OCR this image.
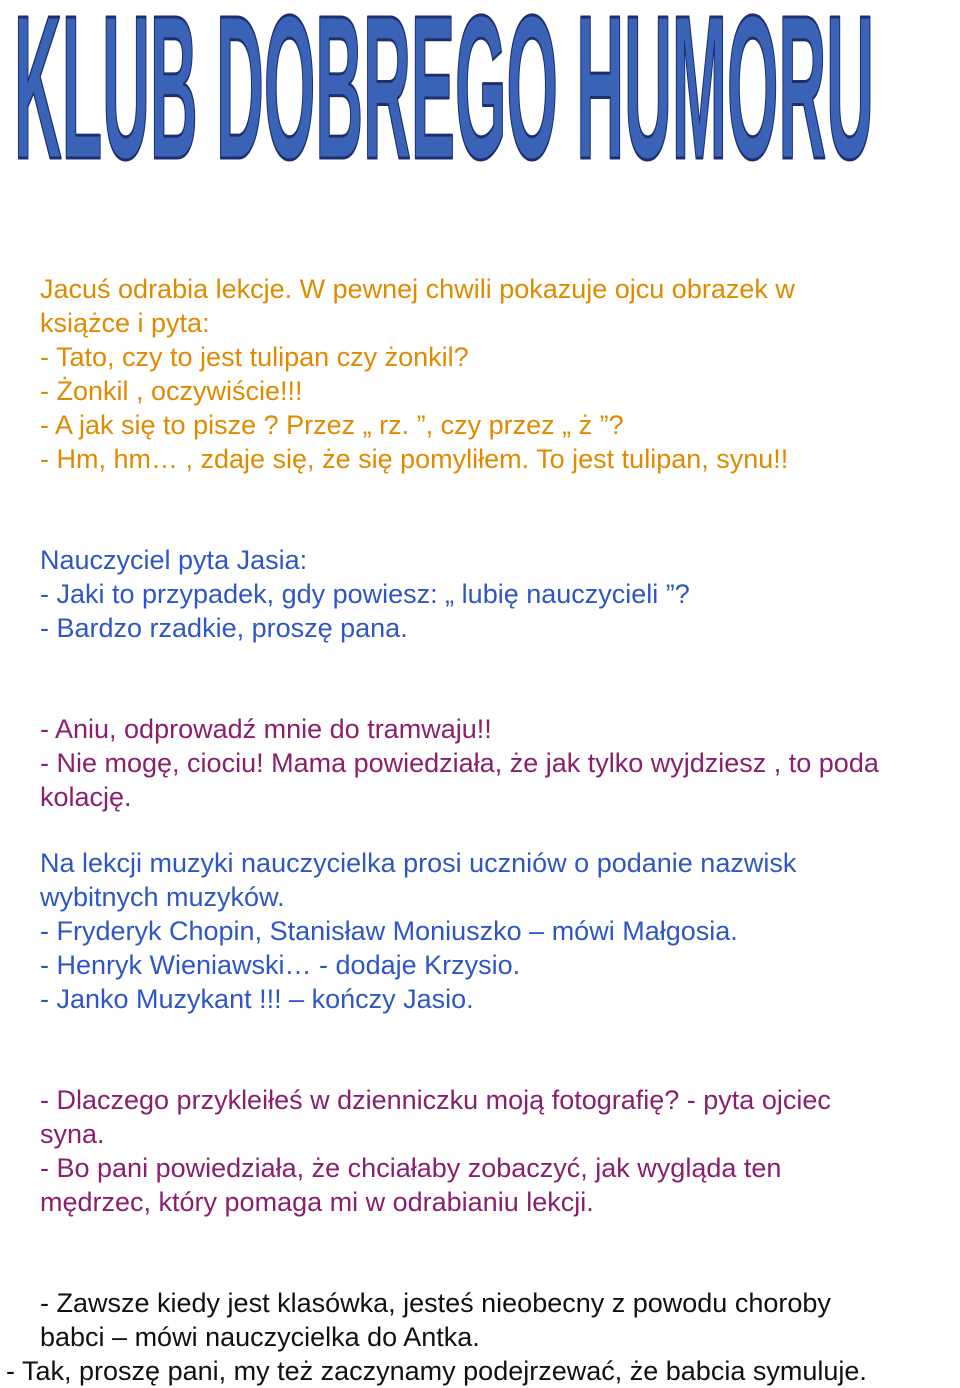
KLUB DOBREGO HUMORU
Jacuś odrabia lekcje. W pewnej chwili pokazuje ojcu obrazek w
książce i pyta:
- Tato, czy to jest tulipan czy żonkil?
- Żonkil , oczywiście!!!
- A jak się to pisze ? Przez „ rz. ”, czy przez „ ż ”?
- Hm, hm… , zdaje się, że się pomyliłem. To jest tulipan, synu!!
Nauczyciel pyta Jasia:
- Jaki to przypadek, gdy powiesz: „ lubię nauczycieli ”?
- Bardzo rzadkie, proszę pana.
- Aniu, odprowadź mnie do tramwaju!!
- Nie mogę, ciociu! Mama powiedziała, że jak tylko wyjdziesz , to poda
kolację.
Na lekcji muzyki nauczycielka prosi uczniów o podanie nazwisk
wybitnych muzyków.
- Fryderyk Chopin, Stanisław Moniuszko – mówi Małgosia.
- Henryk Wieniawski… - dodaje Krzysio.
- Janko Muzykant !!! – kończy Jasio.
- Dlaczego przykleiłeś w dzienniczku moją fotografię? - pyta ojciec
syna.
- Bo pani powiedziała, że chciałaby zobaczyć, jak wygląda ten
mędrzec, który pomaga mi w odrabianiu lekcji.
- Zawsze kiedy jest klasówka, jesteś nieobecny z powodu choroby
babci – mówi nauczycielka do Antka.
- Tak, proszę pani, my też zaczynamy podejrzewać, że babcia symuluje.
